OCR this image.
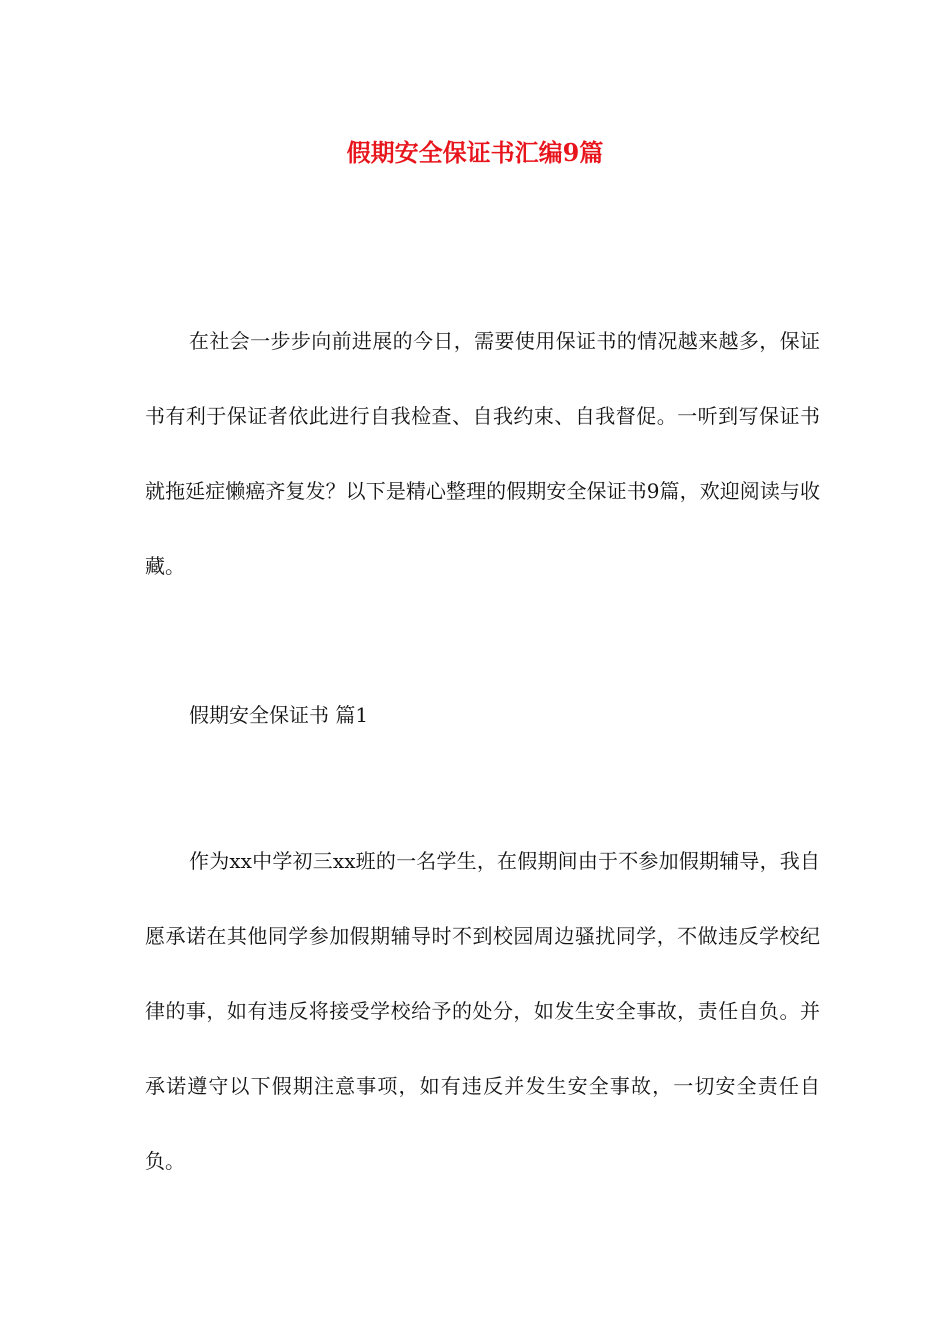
假期安全保证书汇编9篇

在社会一步步向前进展的今日，需要使用保证书的情况越来越多，保证书有利于保证者依此进行自我检查、自我约束、自我督促。一听到写保证书就拖延症懒癌齐复发？以下是精心整理的假期安全保证书9篇，欢迎阅读与收藏。

假期安全保证书 篇1

作为xx中学初三xx班的一名学生，在假期间由于不参加假期辅导，我自愿承诺在其他同学参加假期辅导时不到校园周边骚扰同学，不做违反学校纪律的事，如有违反将接受学校给予的处分，如发生安全事故，责任自负。并承诺遵守以下假期注意事项，如有违反并发生安全事故，一切安全责任自负。
